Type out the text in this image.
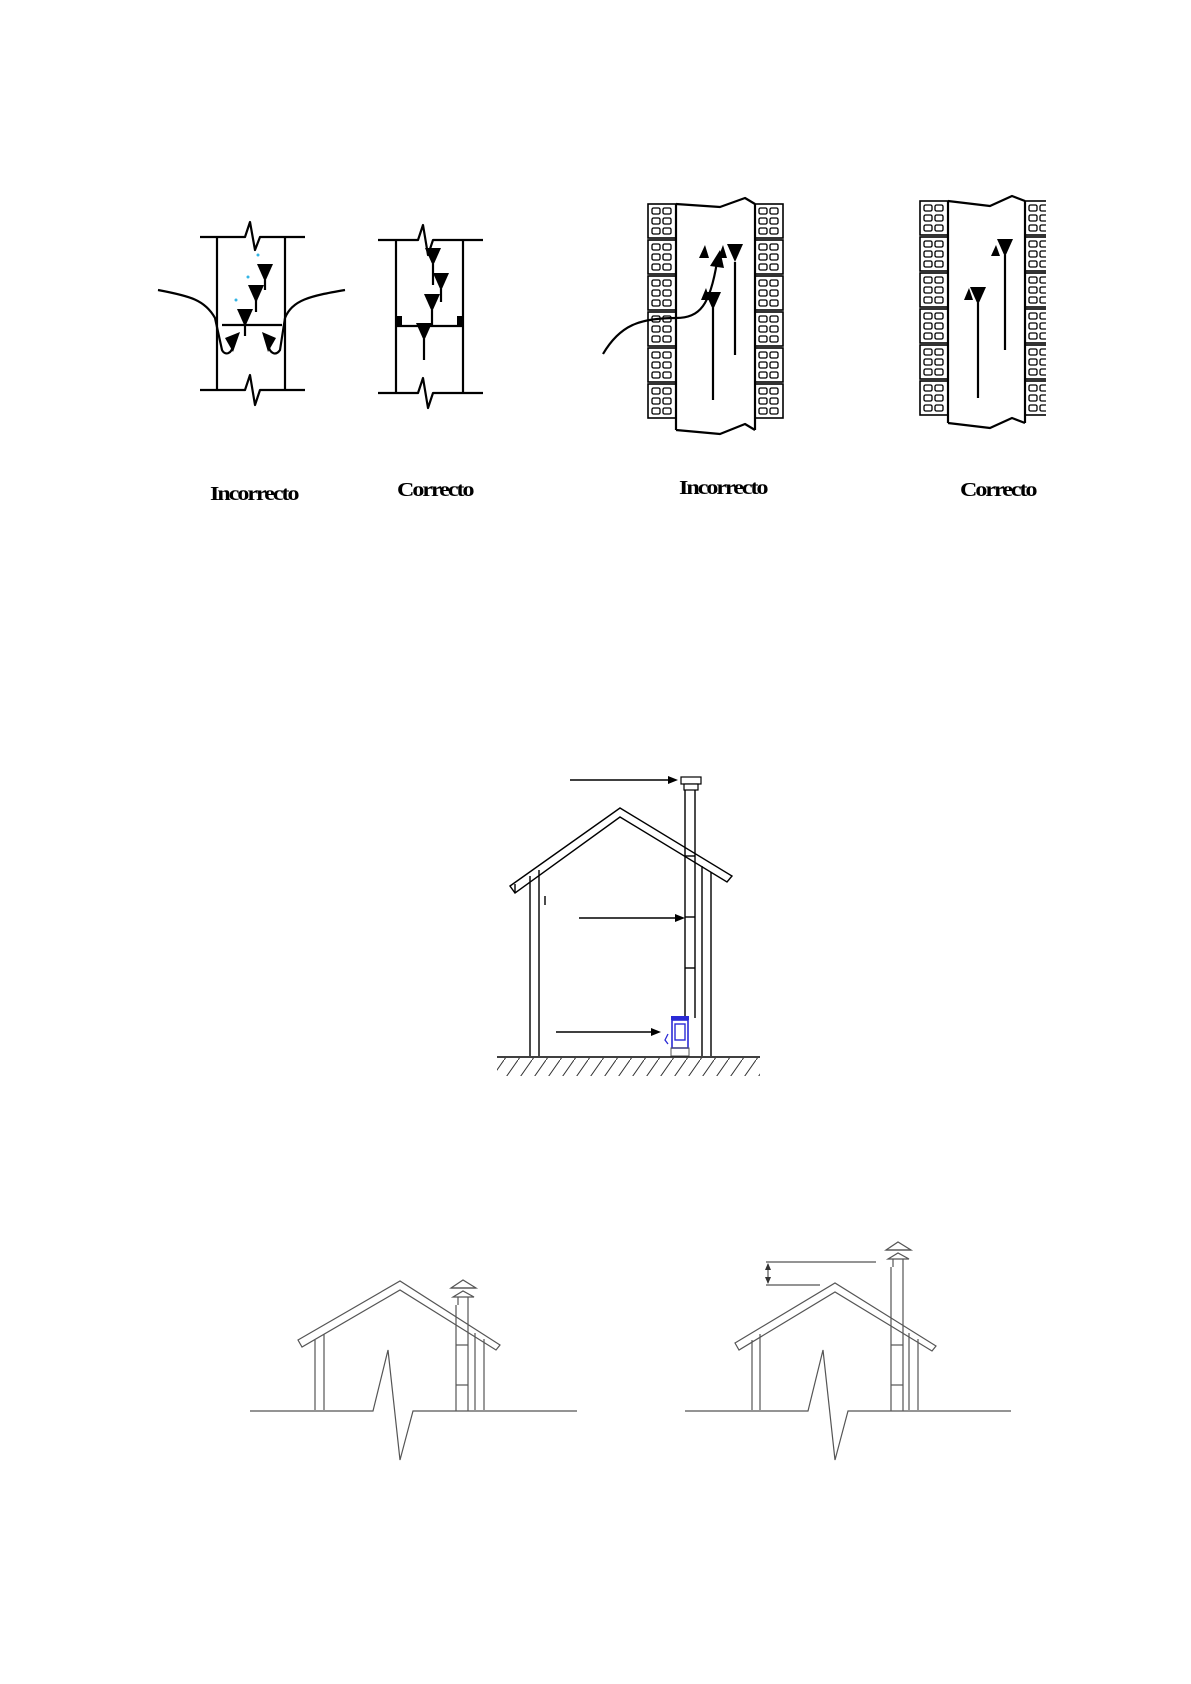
Incorrecto	Correcto	Incorrecto	Correcto
